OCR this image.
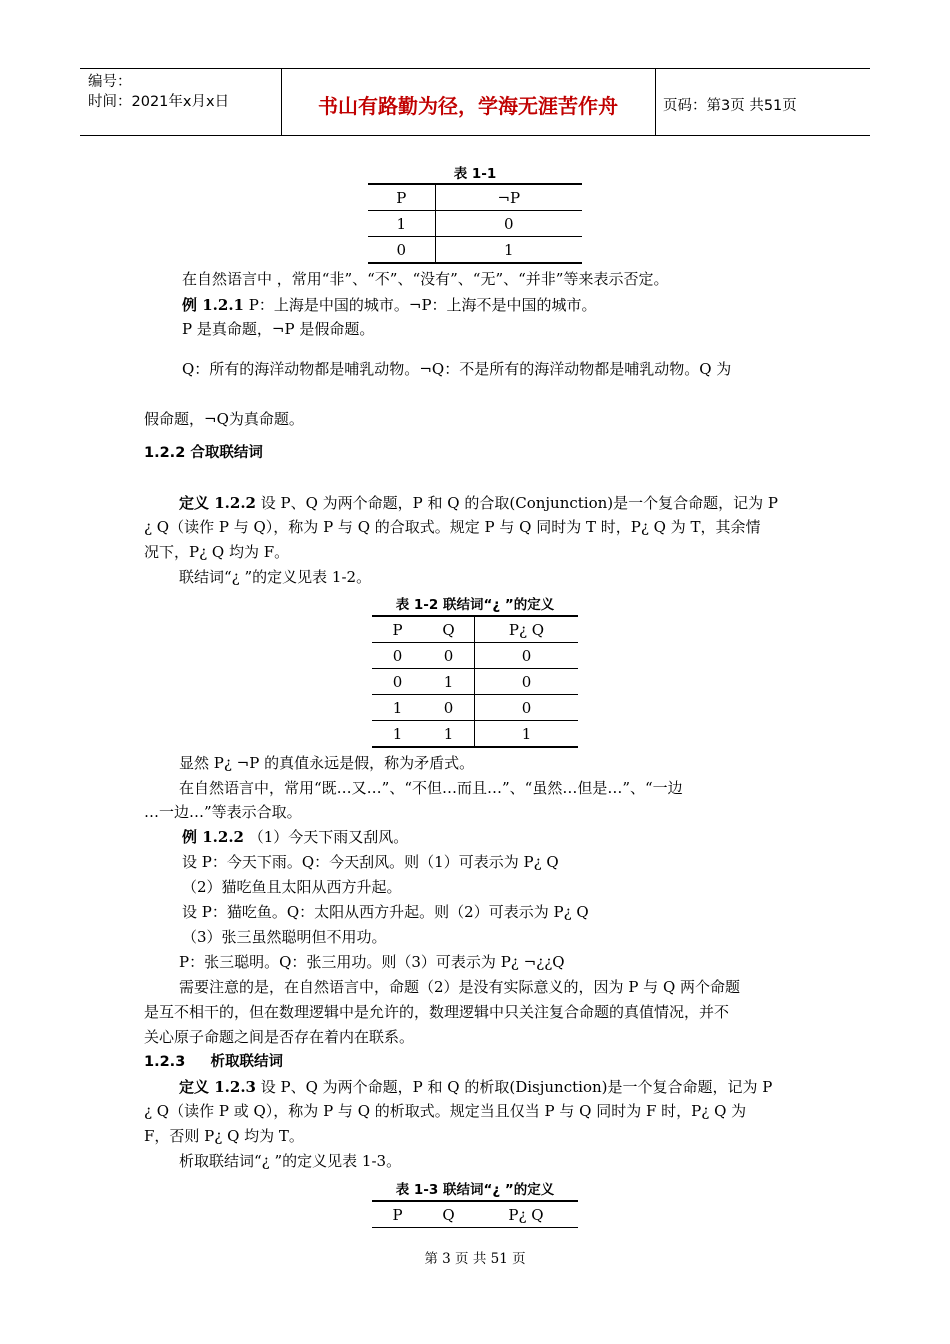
编号：
时间：2021年x月x日	书山有路勤为径，学海无涯苦作舟	页码：第3页 共51页
表 1-1
P	¬P
1	0
0	1
在自然语言中 ，常用“非”、“不”、“没有”、“无”、“并非”等来表示否定。
例 1.2.1 P：上海是中国的城市。¬P：上海不是中国的城市。
P 是真命题，¬P 是假命题。
Q：所有的海洋动物都是哺乳动物。¬Q：不是所有的海洋动物都是哺乳动物。Q 为
假命题，¬Q为真命题。
1.2.2 合取联结词
定义 1.2.2 设 P、Q 为两个命题，P 和 Q 的合取(Conjunction)是一个复合命题，记为 P
¿ Q（读作 P 与 Q），称为 P 与 Q 的合取式。规定 P 与 Q 同时为 T 时，P¿ Q 为 T，其余情
况下，P¿ Q 均为 F。
联结词“¿ ”的定义见表 1-2。
表 1-2 联结词“¿ ”的定义
P	Q	P¿ Q
0	0	0
0	1	0
1	0	0
1	1	1
显然 P¿ ¬P 的真值永远是假，称为矛盾式。
在自然语言中，常用“既…又…”、“不但…而且…”、“虽然…但是…”、“一边
…一边…”等表示合取。
例 1.2.2 （1）今天下雨又刮风。
设 P：今天下雨。Q：今天刮风。则（1）可表示为 P¿ Q
（2）猫吃鱼且太阳从西方升起。
设 P：猫吃鱼。Q：太阳从西方升起。则（2）可表示为 P¿ Q
（3）张三虽然聪明但不用功。
P：张三聪明。Q：张三用功。则（3）可表示为 P¿ ¬¿¿Q
需要注意的是，在自然语言中，命题（2）是没有实际意义的，因为 P 与 Q 两个命题
是互不相干的，但在数理逻辑中是允许的，数理逻辑中只关注复合命题的真值情况，并不
关心原子命题之间是否存在着内在联系。
1.2.3     析取联结词
定义 1.2.3 设 P、Q 为两个命题，P 和 Q 的析取(Disjunction)是一个复合命题，记为 P
¿ Q（读作 P 或 Q），称为 P 与 Q 的析取式。规定当且仅当 P 与 Q 同时为 F 时，P¿ Q 为
F，否则 P¿ Q 均为 T。
析取联结词“¿ ”的定义见表 1-3。
表 1-3 联结词“¿ ”的定义
P	Q	P¿ Q
第 3 页 共 51 页
